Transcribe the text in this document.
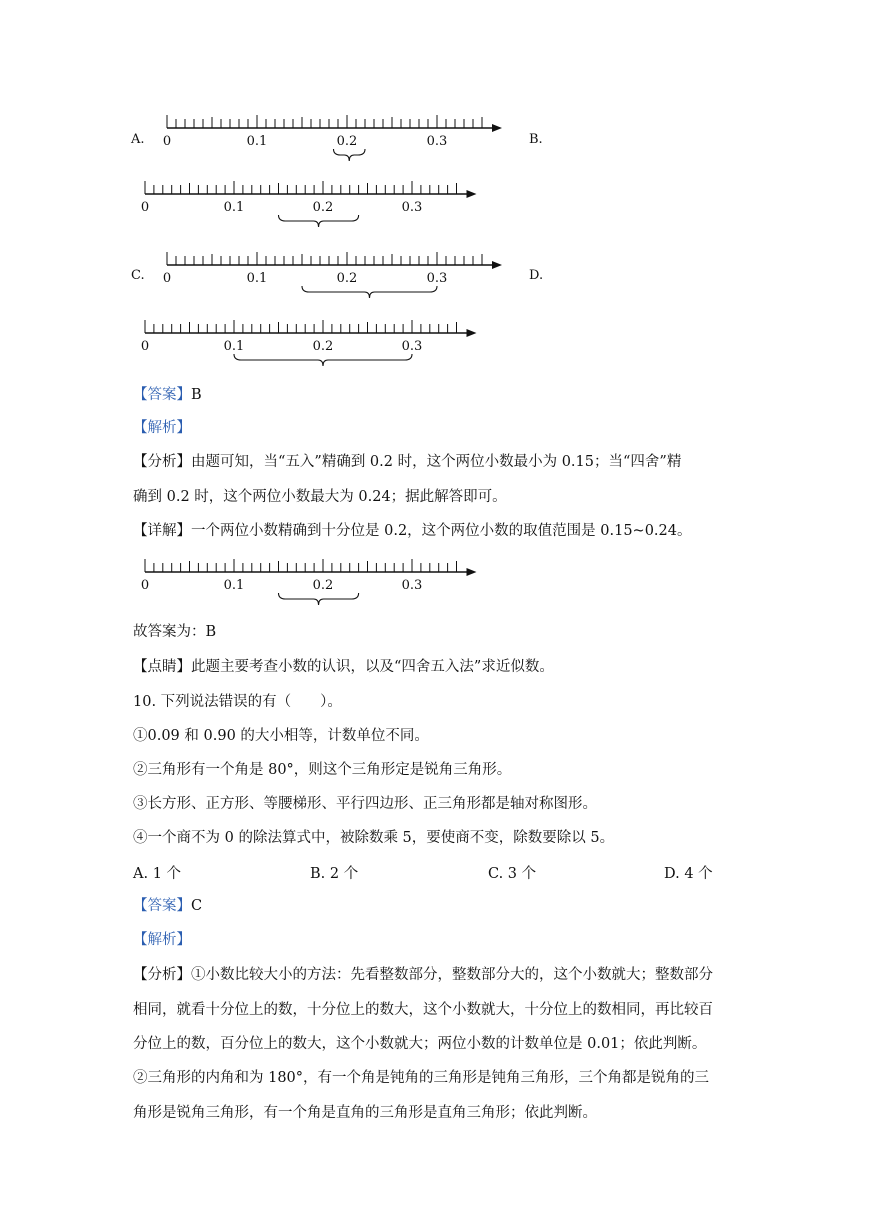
A.	B.
C.	D.
0	0.1	0.2	0.3
0	0.1	0.2	0.3
0	0.1	0.2	0.3
0	0.1	0.2	0.3
0	0.1	0.2	0.3
【答案】B
【解析】
【分析】由题可知，当“五入”精确到 0.2 时，这个两位小数最小为 0.15；当“四舍”精
确到 0.2 时，这个两位小数最大为 0.24；据此解答即可。
【详解】一个两位小数精确到十分位是 0.2，这个两位小数的取值范围是 0.15~0.24。
故答案为：B
【点睛】此题主要考查小数的认识，以及“四舍五入法”求近似数。
10. 下列说法错误的有（　　）。
①0.09 和 0.90 的大小相等，计数单位不同。
②三角形有一个角是 80°，则这个三角形定是锐角三角形。
③长方形、正方形、等腰梯形、平行四边形、正三角形都是轴对称图形。
④一个商不为 0 的除法算式中，被除数乘 5，要使商不变，除数要除以 5。
A. 1 个	B. 2 个	C. 3 个	D. 4 个
【答案】C
【解析】
【分析】①小数比较大小的方法：先看整数部分，整数部分大的，这个小数就大；整数部分
相同，就看十分位上的数，十分位上的数大，这个小数就大，十分位上的数相同，再比较百
分位上的数，百分位上的数大，这个小数就大；两位小数的计数单位是 0.01；依此判断。
②三角形的内角和为 180°，有一个角是钝角的三角形是钝角三角形，三个角都是锐角的三
角形是锐角三角形，有一个角是直角的三角形是直角三角形；依此判断。
